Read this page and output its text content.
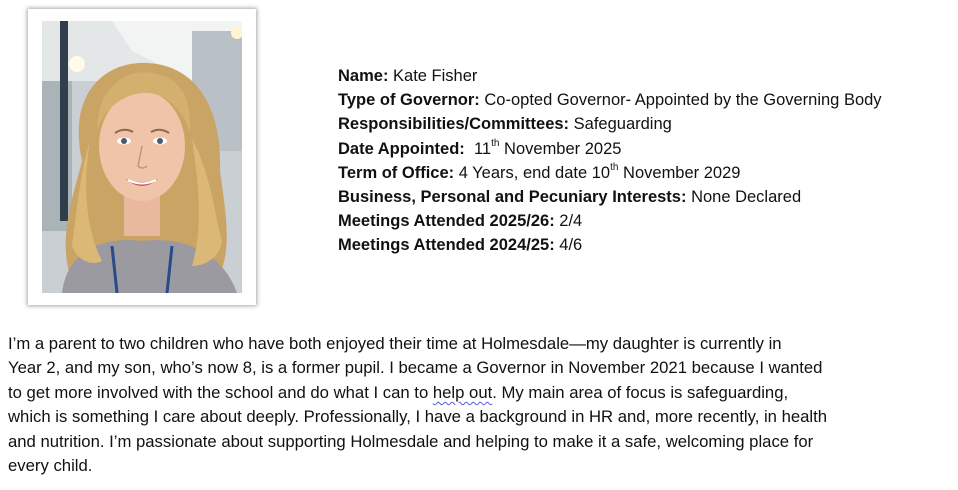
Name: Kate Fisher
Type of Governor: Co-opted Governor- Appointed by the Governing Body
Responsibilities/Committees: Safeguarding
Date Appointed: 11th November 2025
Term of Office: 4 Years, end date 10th November 2029
Business, Personal and Pecuniary Interests: None Declared
Meetings Attended 2025/26: 2/4
Meetings Attended 2024/25: 4/6
I’m a parent to two children who have both enjoyed their time at Holmesdale—my daughter is currently in
Year 2, and my son, who’s now 8, is a former pupil. I became a Governor in November 2021 because I wanted
to get more involved with the school and do what I can to help out. My main area of focus is safeguarding,
which is something I care about deeply. Professionally, I have a background in HR and, more recently, in health
and nutrition. I’m passionate about supporting Holmesdale and helping to make it a safe, welcoming place for
every child.
